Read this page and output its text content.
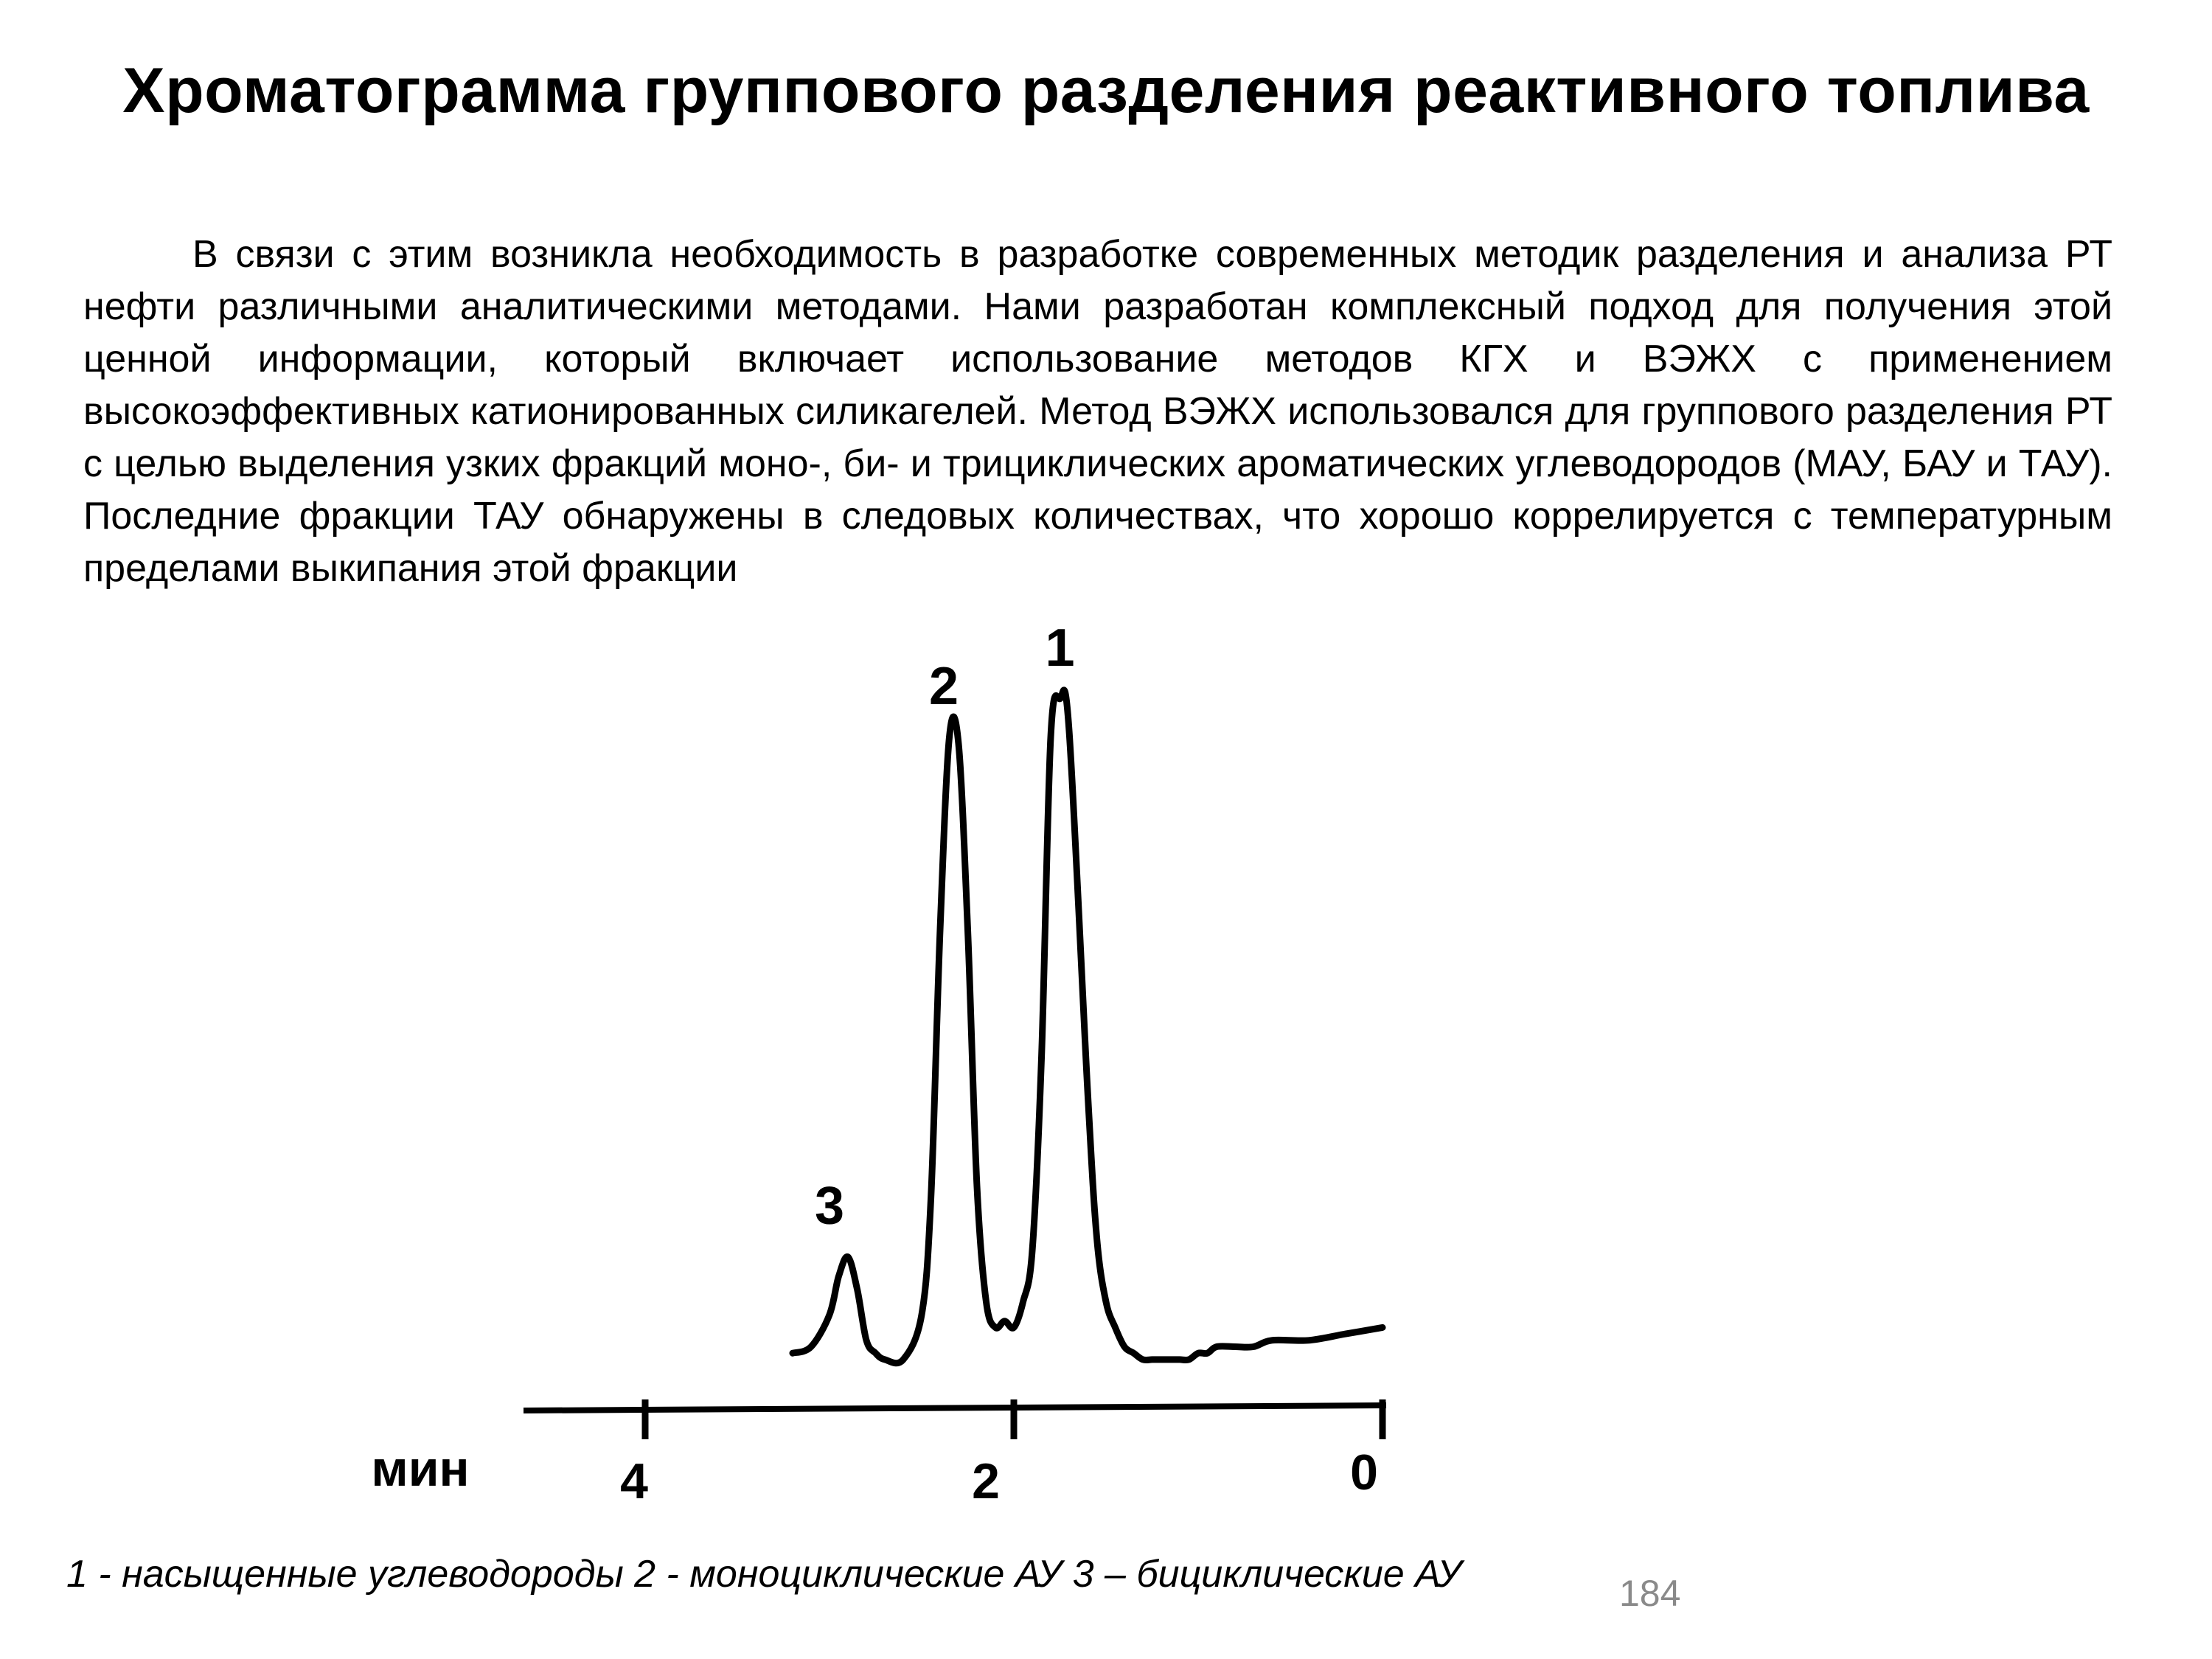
Хроматограмма группового разделения реактивного топлива
В связи с этим возникла необходимость в разработке современных методик разделения и анализа РТ нефти различными аналитическими методами. Нами разработан комплексный подход для получения этой ценной информации, который включает использование методов КГХ и ВЭЖХ с применением высокоэффективных катионированных силикагелей. Метод ВЭЖХ использовался для группового разделения РТ с целью выделения узких фракций моно-, би- и трициклических ароматических углеводородов (МАУ, БАУ и ТАУ). Последние фракции ТАУ обнаружены в следовых количествах, что хорошо коррелируется с температурным пределами выкипания этой фракции
4	2	0
1
2
3
мин
1 - насыщенные углеводороды 2 - моноциклические АУ 3 – бициклические АУ	184
